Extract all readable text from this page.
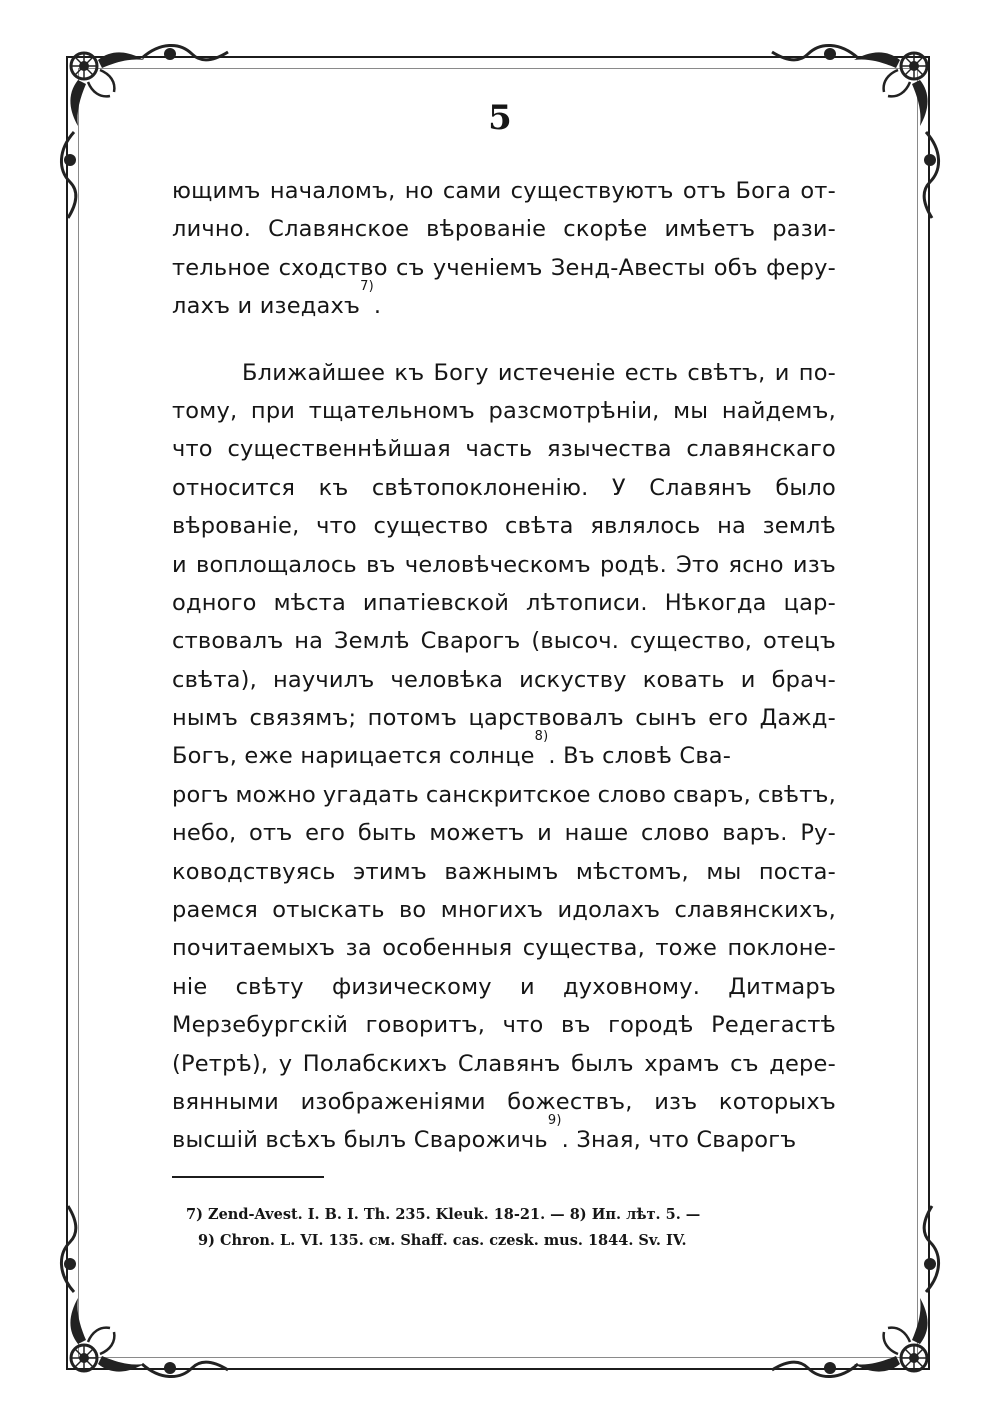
5
ющимъ началомъ, но сами существуютъ отъ Бога от-
лично. Славянское вѣрованіе скорѣе имѣетъ рази-
тельное сходство съ ученіемъ Зенд-Авесты объ феру-
лахъ и изедахъ
7)
.
Ближайшее къ Богу истеченіе есть свѣтъ, и по-
тому, при тщательномъ разсмотрѣніи, мы найдемъ,
что существеннѣйшая часть язычества славянскаго
относится къ свѣтопоклоненію. У Славянъ было
вѣрованіе, что существо свѣта являлось на землѣ
и воплощалось въ человѣческомъ родѣ. Это ясно изъ
одного мѣста ипатіевской лѣтописи. Нѣкогда цар-
ствовалъ на Землѣ Сварогъ (высоч. существо, отецъ
свѣта), научилъ человѣка искуству ковать и брач-
нымъ связямъ; потомъ царствовалъ сынъ его Дажд-
Богъ, еже нарицается солнце
8)
. Въ словѣ Сва-
рогъ можно угадать санскритское слово сваръ, свѣтъ,
небо, отъ его быть можетъ и наше слово варъ. Ру-
ководствуясь этимъ важнымъ мѣстомъ, мы поста-
раемся отыскать во многихъ идолахъ славянскихъ,
почитаемыхъ за особенныя существа, тоже поклоне-
ніе свѣту физическому и духовному. Дитмаръ
Мерзебургскій говоритъ, что въ городѣ Редегастѣ
(Ретрѣ), у Полабскихъ Славянъ былъ храмъ съ дере-
вянными изображеніями божествъ, изъ которыхъ
высшій всѣхъ былъ Сварожичь
9)
. Зная, что Сварогъ
7) Zend-Avest. I. B. I. Th. 235. Kleuk. 18-21. — 8) Ип. лѣт. 5. —
9) Chron. L. VI. 135. см. Shaff. cas. czesk. mus. 1844. Sv. IV.
